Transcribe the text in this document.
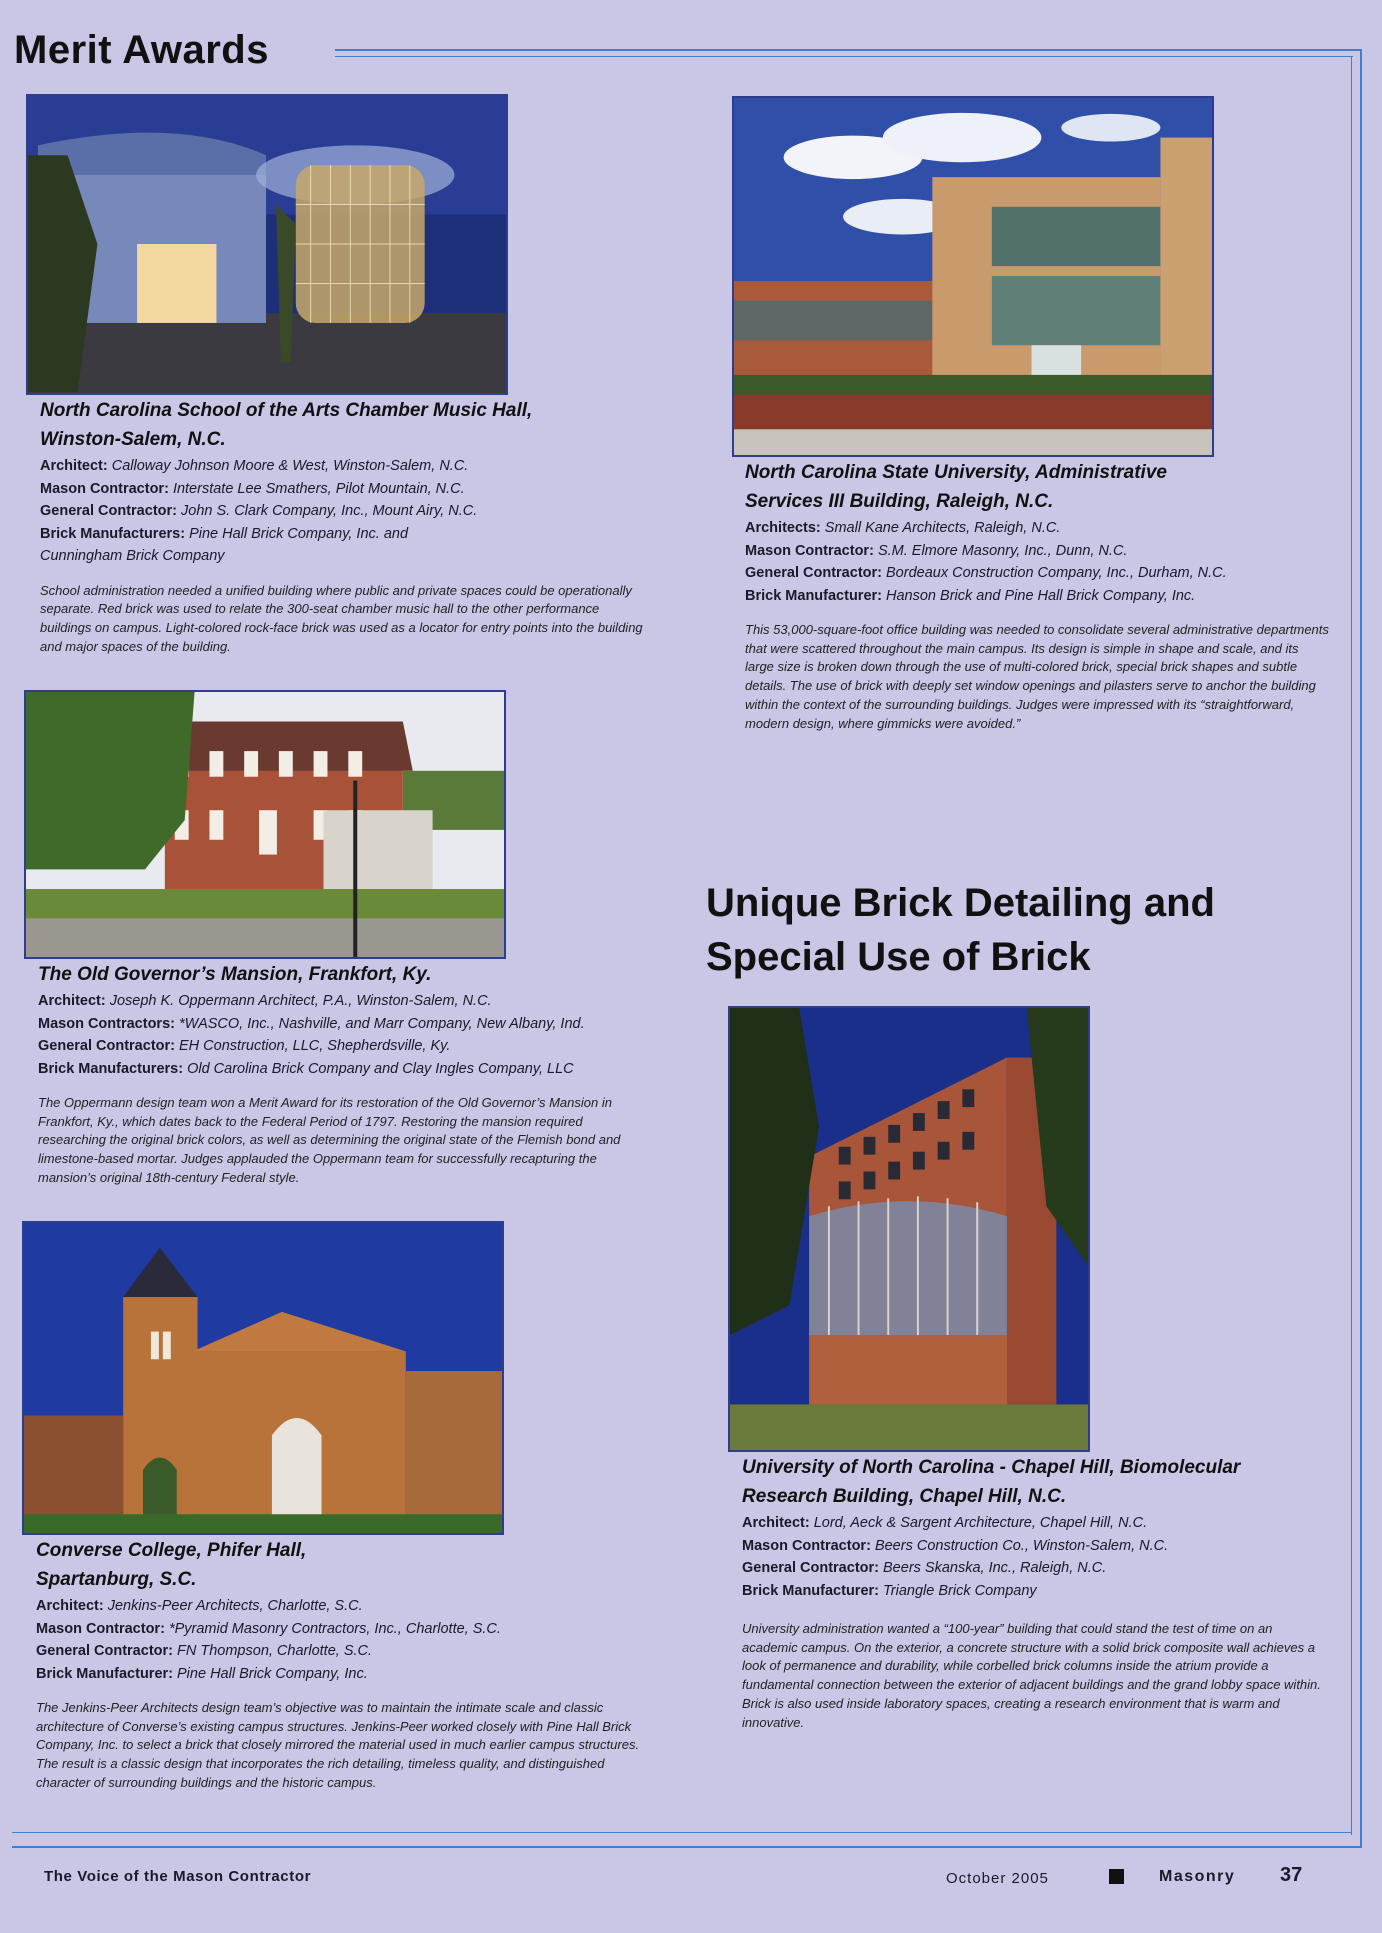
Merit Awards
North Carolina School of the Arts Chamber Music Hall,
Winston-Salem, N.C.
Architect: Calloway Johnson Moore & West, Winston-Salem, N.C.
Mason Contractor: Interstate Lee Smathers, Pilot Mountain, N.C.
General Contractor: John S. Clark Company, Inc., Mount Airy, N.C.
Brick Manufacturers: Pine Hall Brick Company, Inc. and
Cunningham Brick Company
School administration needed a unified building where public and private spaces could be operationally separate. Red brick was used to relate the 300-seat chamber music hall to the other performance buildings on campus. Light-colored rock-face brick was used as a locator for entry points into the building and major spaces of the building.
North Carolina State University, Administrative
Services III Building, Raleigh, N.C.
Architects: Small Kane Architects, Raleigh, N.C.
Mason Contractor: S.M. Elmore Masonry, Inc., Dunn, N.C.
General Contractor: Bordeaux Construction Company, Inc., Durham, N.C.
Brick Manufacturer: Hanson Brick and Pine Hall Brick Company, Inc.
This 53,000-square-foot office building was needed to consolidate several administrative departments that were scattered throughout the main campus. Its design is simple in shape and scale, and its large size is broken down through the use of multi-colored brick, special brick shapes and subtle details. The use of brick with deeply set window openings and pilasters serve to anchor the building within the context of the surrounding buildings. Judges were impressed with its “straightforward, modern design, where gimmicks were avoided.”
The Old Governor’s Mansion, Frankfort, Ky.
Architect: Joseph K. Oppermann Architect, P.A., Winston-Salem, N.C.
Mason Contractors: *WASCO, Inc., Nashville, and Marr Company, New Albany, Ind.
General Contractor: EH Construction, LLC, Shepherdsville, Ky.
Brick Manufacturers: Old Carolina Brick Company and Clay Ingles Company, LLC
The Oppermann design team won a Merit Award for its restoration of the Old Governor’s Mansion in Frankfort, Ky., which dates back to the Federal Period of 1797. Restoring the mansion required researching the original brick colors, as well as determining the original state of the Flemish bond and limestone-based mortar. Judges applauded the Oppermann team for successfully recapturing the mansion’s original 18th-century Federal style.
Converse College, Phifer Hall,
Spartanburg, S.C.
Architect: Jenkins-Peer Architects, Charlotte, S.C.
Mason Contractor: *Pyramid Masonry Contractors, Inc., Charlotte, S.C.
General Contractor: FN Thompson, Charlotte, S.C.
Brick Manufacturer: Pine Hall Brick Company, Inc.
The Jenkins-Peer Architects design team’s objective was to maintain the intimate scale and classic architecture of Converse’s existing campus structures. Jenkins-Peer worked closely with Pine Hall Brick Company, Inc. to select a brick that closely mirrored the material used in much earlier campus structures. The result is a classic design that incorporates the rich detailing, timeless quality, and distinguished character of surrounding buildings and the historic campus.
Unique Brick Detailing and
Special Use of Brick
University of North Carolina - Chapel Hill, Biomolecular
Research Building, Chapel Hill, N.C.
Architect: Lord, Aeck & Sargent Architecture, Chapel Hill, N.C.
Mason Contractor: Beers Construction Co., Winston-Salem, N.C.
General Contractor: Beers Skanska, Inc., Raleigh, N.C.
Brick Manufacturer: Triangle Brick Company
University administration wanted a “100-year” building that could stand the test of time on an academic campus. On the exterior, a concrete structure with a solid brick composite wall achieves a look of permanence and durability, while corbelled brick columns inside the atrium provide a fundamental connection between the exterior of adjacent buildings and the grand lobby space within. Brick is also used inside laboratory spaces, creating a research environment that is warm and innovative.
The Voice of the Mason Contractor	October 2005	Masonry 37
